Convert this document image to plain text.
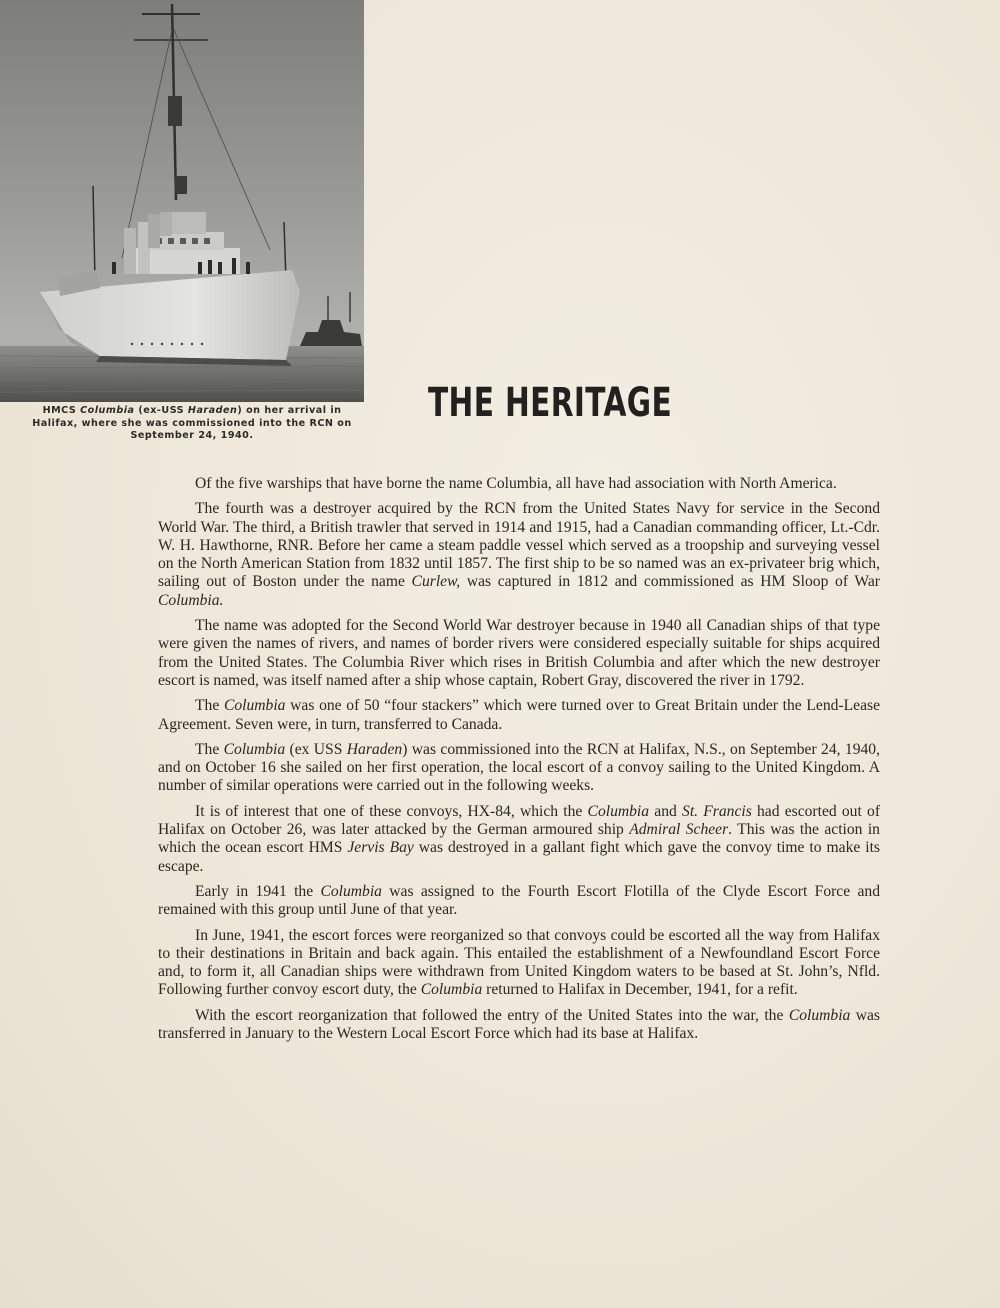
HMCS Columbia (ex-USS Haraden) on her arrival in Halifax, where she was commissioned into the RCN on September 24, 1940.
THE HERITAGE

Of the five warships that have borne the name Columbia, all have had association with North America.

The fourth was a destroyer acquired by the RCN from the United States Navy for service in the Second World War. The third, a British trawler that served in 1914 and 1915, had a Canadian commanding officer, Lt.-Cdr. W. H. Hawthorne, RNR. Before her came a steam paddle vessel which served as a troopship and surveying vessel on the North American Station from 1832 until 1857. The first ship to be so named was an ex-privateer brig which, sailing out of Boston under the name Curlew, was captured in 1812 and commissioned as HM Sloop of War Columbia.

The name was adopted for the Second World War destroyer because in 1940 all Canadian ships of that type were given the names of rivers, and names of border rivers were considered especially suitable for ships acquired from the United States. The Columbia River which rises in British Columbia and after which the new destroyer escort is named, was itself named after a ship whose captain, Robert Gray, discovered the river in 1792.

The Columbia was one of 50 “four stackers” which were turned over to Great Britain under the Lend-Lease Agreement. Seven were, in turn, transferred to Canada.

The Columbia (ex USS Haraden) was commissioned into the RCN at Halifax, N.S., on September 24, 1940, and on October 16 she sailed on her first operation, the local escort of a convoy sailing to the United Kingdom. A number of similar operations were carried out in the following weeks.

It is of interest that one of these convoys, HX-84, which the Columbia and St. Francis had escorted out of Halifax on October 26, was later attacked by the German armoured ship Admiral Scheer. This was the action in which the ocean escort HMS Jervis Bay was destroyed in a gallant fight which gave the convoy time to make its escape.

Early in 1941 the Columbia was assigned to the Fourth Escort Flotilla of the Clyde Escort Force and remained with this group until June of that year.

In June, 1941, the escort forces were reorganized so that convoys could be escorted all the way from Halifax to their destinations in Britain and back again. This entailed the establishment of a Newfoundland Escort Force and, to form it, all Canadian ships were withdrawn from United Kingdom waters to be based at St. John’s, Nfld. Following further convoy escort duty, the Columbia returned to Halifax in December, 1941, for a refit.

With the escort reorganization that followed the entry of the United States into the war, the Columbia was transferred in January to the Western Local Escort Force which had its base at Halifax.
